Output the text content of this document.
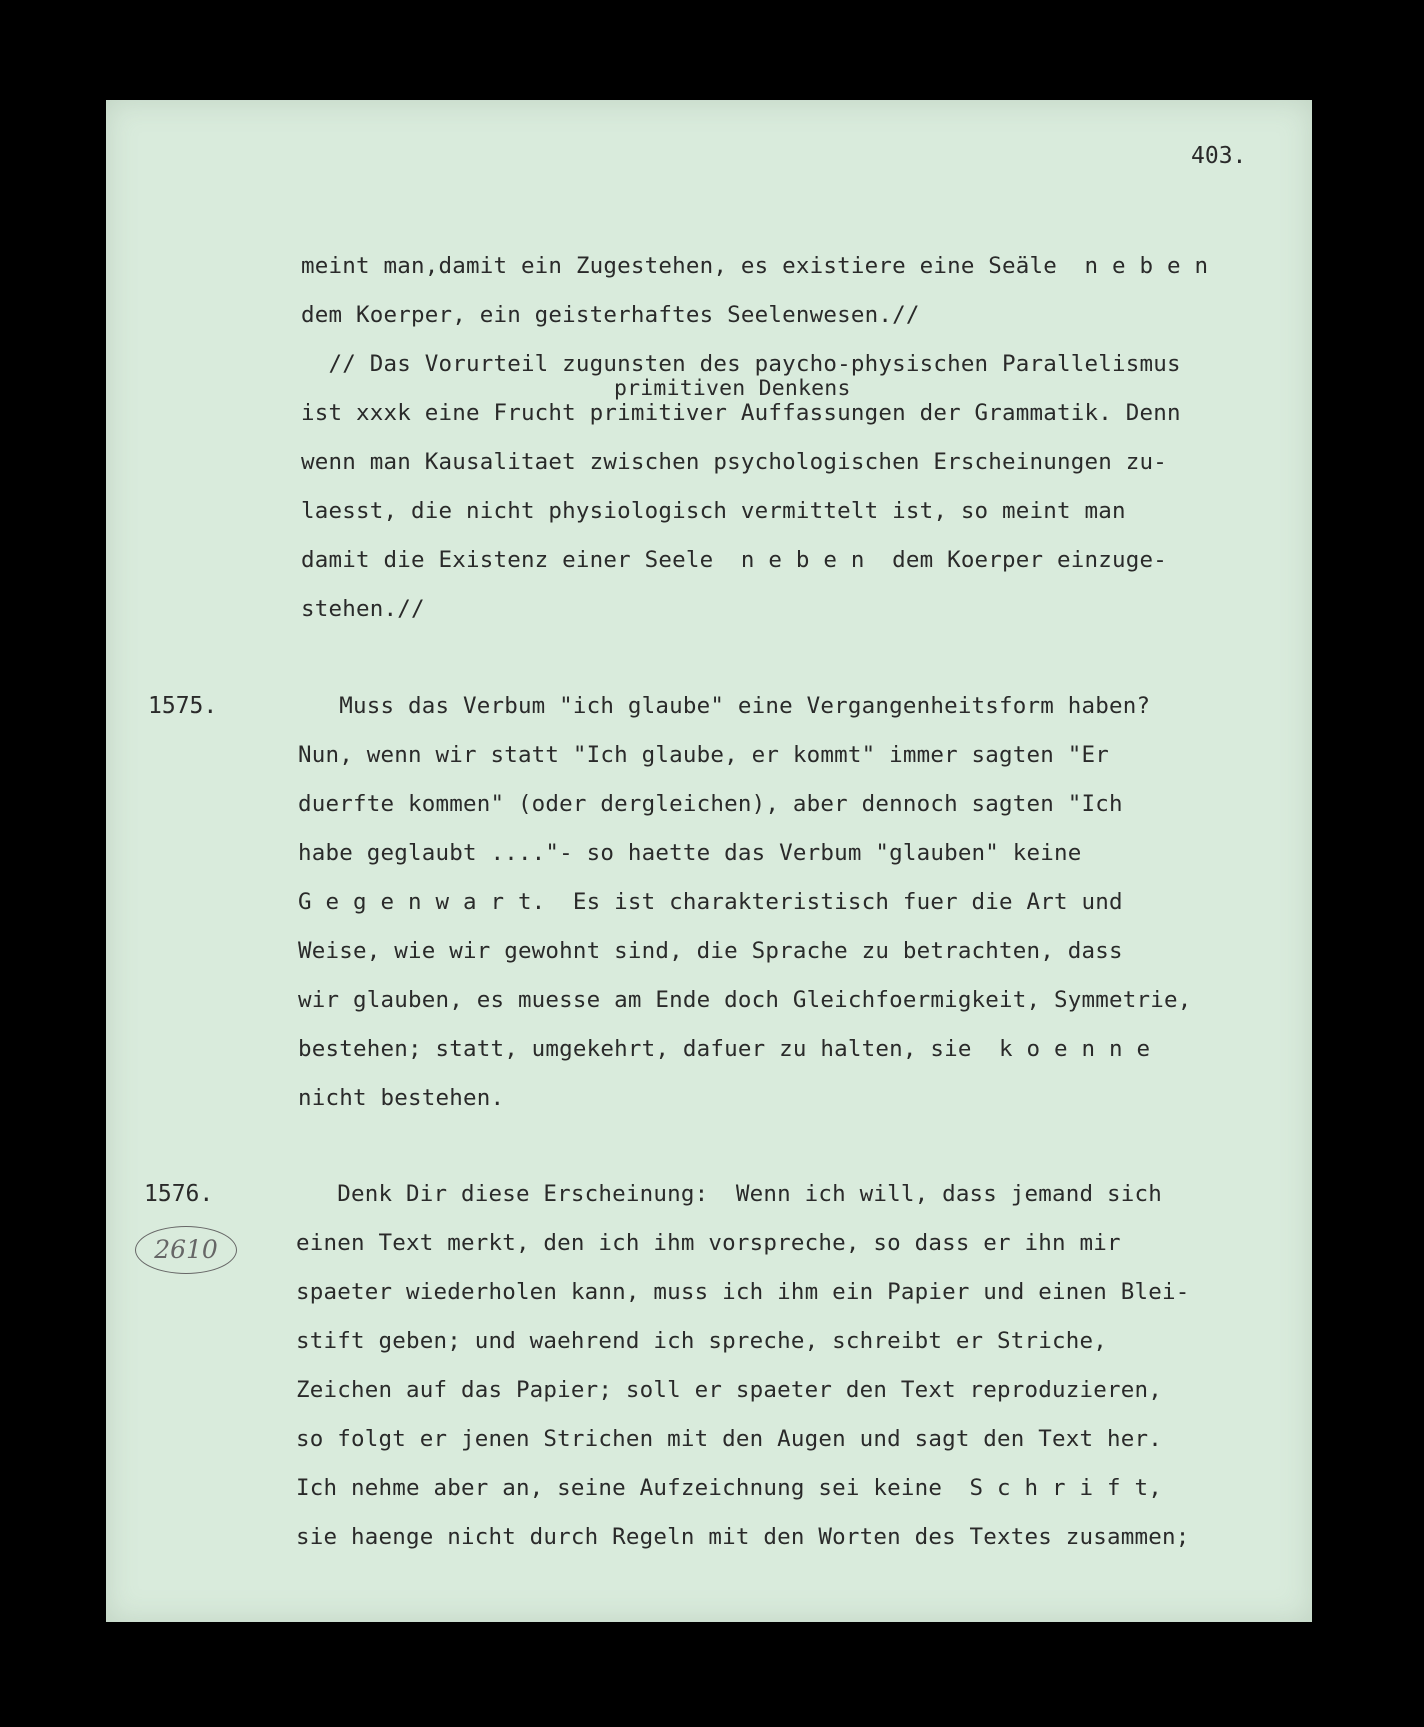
403.
meint man,damit ein Zugestehen, es existiere eine Seäle  n e b e n
dem Koerper, ein geisterhaftes Seelenwesen.//
// Das Vorurteil zugunsten des paycho-physischen Parallelismus
primitiven Denkens
ist xxxk eine Frucht primitiver Auffassungen der Grammatik. Denn
wenn man Kausalitaet zwischen psychologischen Erscheinungen zu-
laesst, die nicht physiologisch vermittelt ist, so meint man
damit die Existenz einer Seele  n e b e n  dem Koerper einzuge-
stehen.//
1575.	Muss das Verbum "ich glaube" eine Vergangenheitsform haben?
Nun, wenn wir statt "Ich glaube, er kommt" immer sagten "Er
duerfte kommen" (oder dergleichen), aber dennoch sagten "Ich
habe geglaubt ...."- so haette das Verbum "glauben" keine
G e g e n w a r t.  Es ist charakteristisch fuer die Art und
Weise, wie wir gewohnt sind, die Sprache zu betrachten, dass
wir glauben, es muesse am Ende doch Gleichfoermigkeit, Symmetrie,
bestehen; statt, umgekehrt, dafuer zu halten, sie  k o e n n e
nicht bestehen.
1576.
2610
Denk Dir diese Erscheinung:  Wenn ich will, dass jemand sich
einen Text merkt, den ich ihm vorspreche, so dass er ihn mir
spaeter wiederholen kann, muss ich ihm ein Papier und einen Blei-
stift geben; und waehrend ich spreche, schreibt er Striche,
Zeichen auf das Papier; soll er spaeter den Text reproduzieren,
so folgt er jenen Strichen mit den Augen und sagt den Text her.
Ich nehme aber an, seine Aufzeichnung sei keine  S c h r i f t,
sie haenge nicht durch Regeln mit den Worten des Textes zusammen;
